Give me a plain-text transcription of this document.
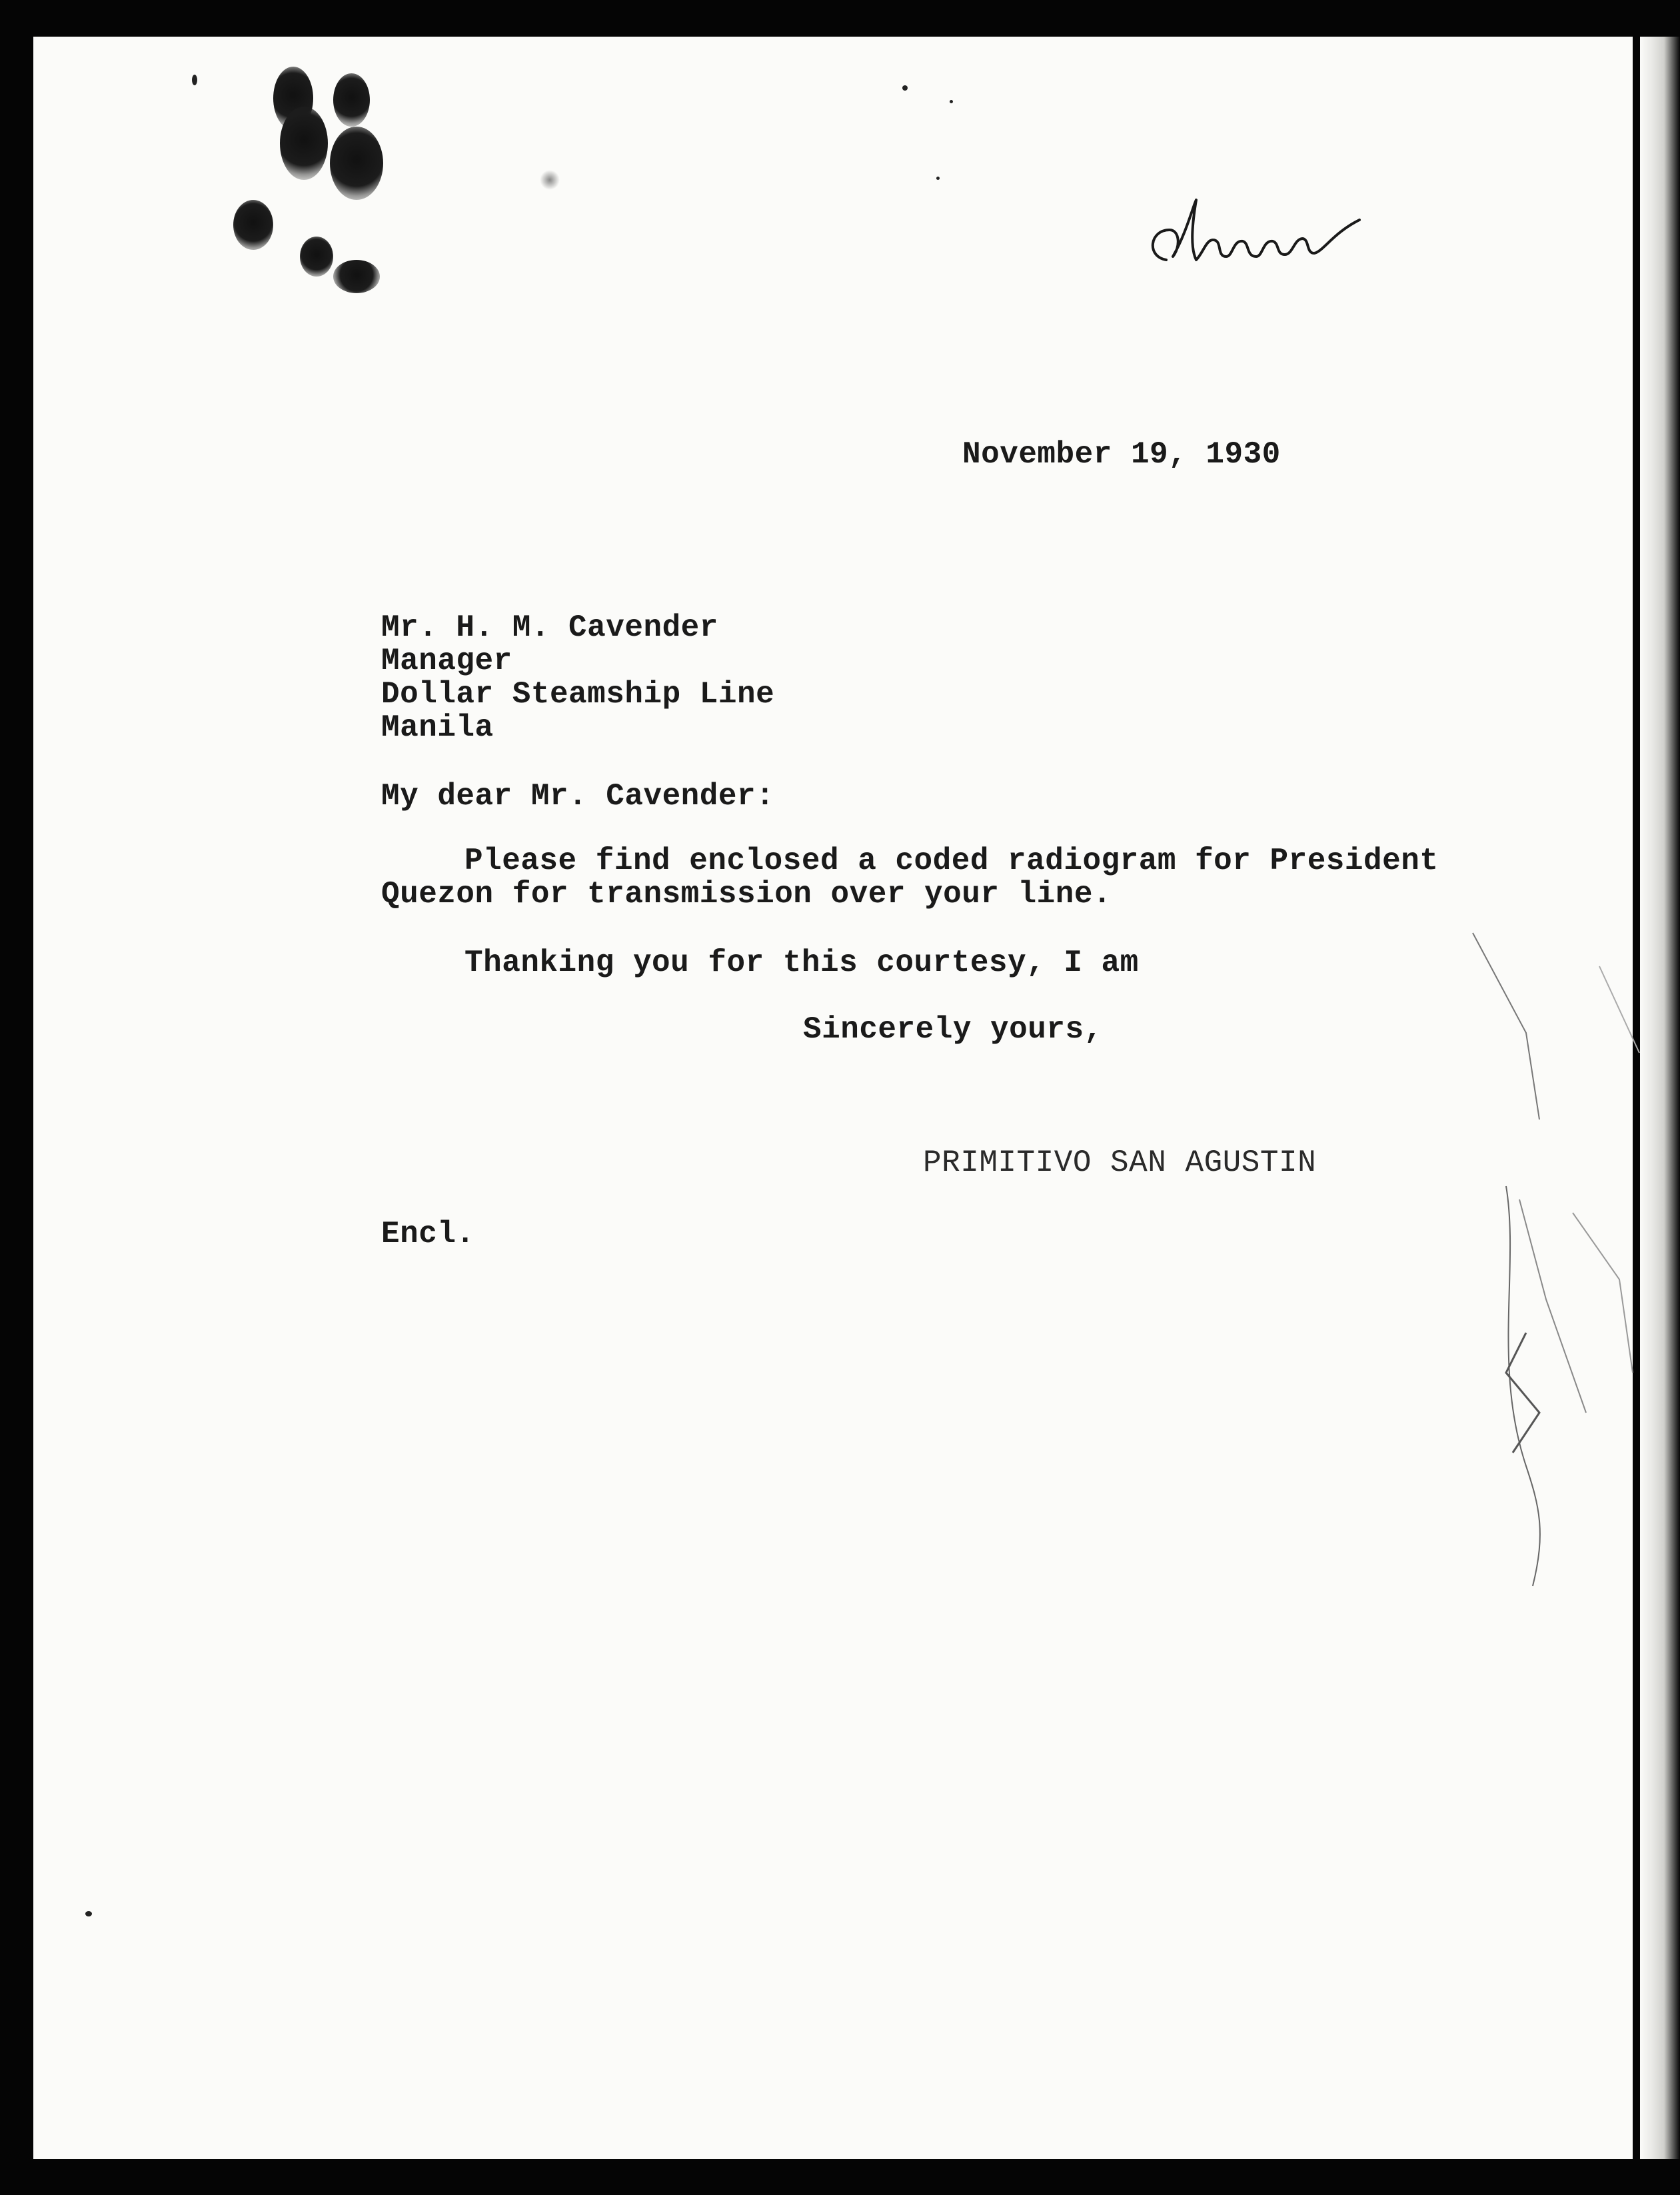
November 19, 1930
Mr. H. M. Cavender
Manager
Dollar Steamship Line
Manila
My dear Mr. Cavender:
Please find enclosed a coded radiogram for President
Quezon for transmission over your line.
Thanking you for this courtesy, I am
Sincerely yours,
PRIMITIVO SAN AGUSTIN
Encl.
